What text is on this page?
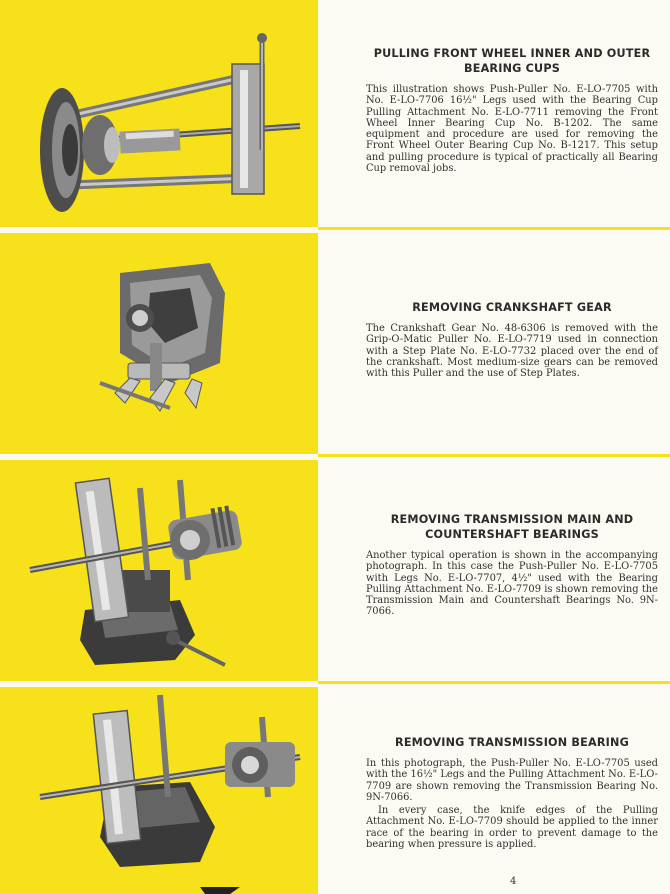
PULLING FRONT WHEEL INNER AND OUTER BEARING CUPS

This illustration shows Push-Puller No. E-LO-7705 with No. E-LO-7706 16½" Legs used with the Bearing Cup Pulling Attachment No. E-LO-7711 removing the Front Wheel Inner Bearing Cup No. B-1202. The same equipment and procedure are used for removing the Front Wheel Outer Bearing Cup No. B-1217. This setup and pulling procedure is typical of practically all Bearing Cup removal jobs.

REMOVING CRANKSHAFT GEAR

The Crankshaft Gear No. 48-6306 is removed with the Grip-O-Matic Puller No. E-LO-7719 used in connection with a Step Plate No. E-LO-7732 placed over the end of the crankshaft. Most medium-size gears can be removed with this Puller and the use of Step Plates.

REMOVING TRANSMISSION MAIN AND COUNTERSHAFT BEARINGS

Another typical operation is shown in the accompanying photograph. In this case the Push-Puller No. E-LO-7705 with Legs No. E-LO-7707, 4½" used with the Bearing Pulling Attachment No. E-LO-7709 is shown removing the Transmission Main and Countershaft Bearings No. 9N-7066.

REMOVING TRANSMISSION BEARING

In this photograph, the Push-Puller No. E-LO-7705 used with the 16½" Legs and the Pulling Attachment No. E-LO-7709 are shown removing the Transmission Bearing No. 9N-7066.

In every case, the knife edges of the Pulling Attachment No. E-LO-7709 should be applied to the inner race of the bearing in order to prevent damage to the bearing when pressure is applied.

4
